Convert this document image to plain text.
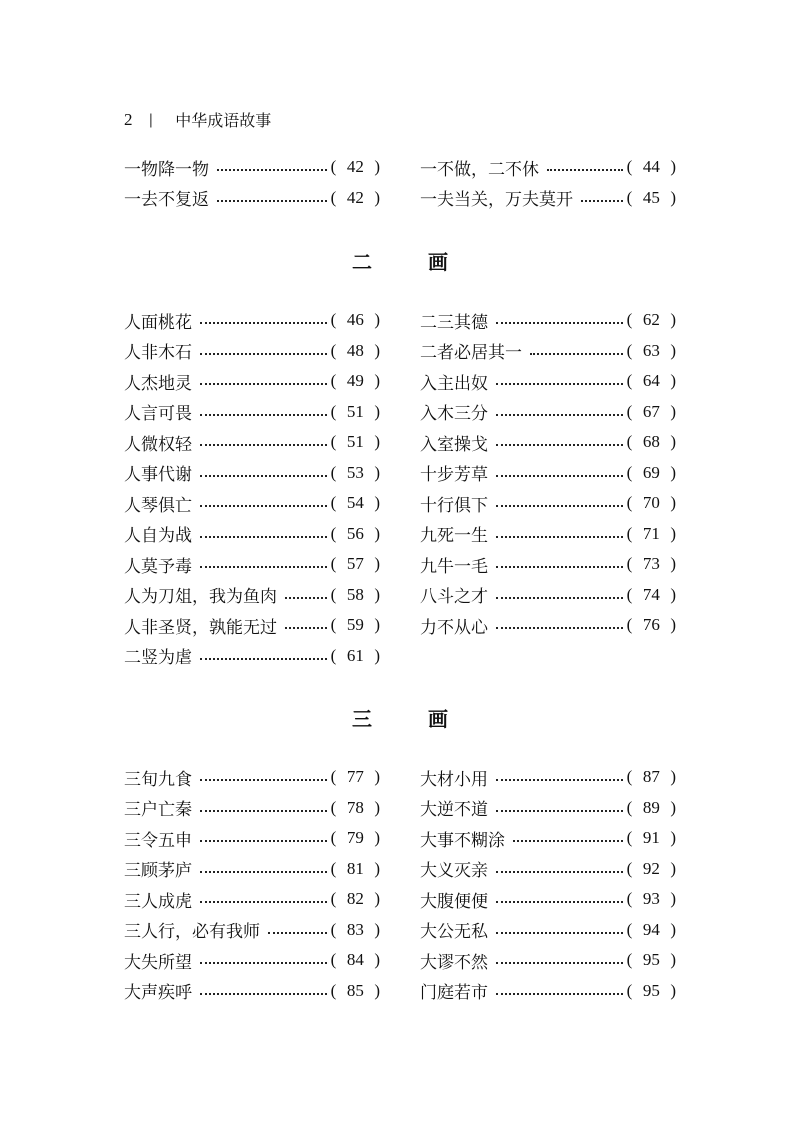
2 | 中华成语故事
一物降一物	( 42 )
一去不复返	( 42 )
一不做，二不休	( 44 )
一夫当关，万夫莫开	( 45 )
二画
人面桃花	( 46 )
人非木石	( 48 )
人杰地灵	( 49 )
人言可畏	( 51 )
人微权轻	( 51 )
人事代谢	( 53 )
人琴俱亡	( 54 )
人自为战	( 56 )
人莫予毒	( 57 )
人为刀俎，我为鱼肉	( 58 )
人非圣贤，孰能无过	( 59 )
二竖为虐	( 61 )
二三其德	( 62 )
二者必居其一	( 63 )
入主出奴	( 64 )
入木三分	( 67 )
入室操戈	( 68 )
十步芳草	( 69 )
十行俱下	( 70 )
九死一生	( 71 )
九牛一毛	( 73 )
八斗之才	( 74 )
力不从心	( 76 )
三画
三旬九食	( 77 )
三户亡秦	( 78 )
三令五申	( 79 )
三顾茅庐	( 81 )
三人成虎	( 82 )
三人行，必有我师	( 83 )
大失所望	( 84 )
大声疾呼	( 85 )
大材小用	( 87 )
大逆不道	( 89 )
大事不糊涂	( 91 )
大义灭亲	( 92 )
大腹便便	( 93 )
大公无私	( 94 )
大谬不然	( 95 )
门庭若市	( 95 )
